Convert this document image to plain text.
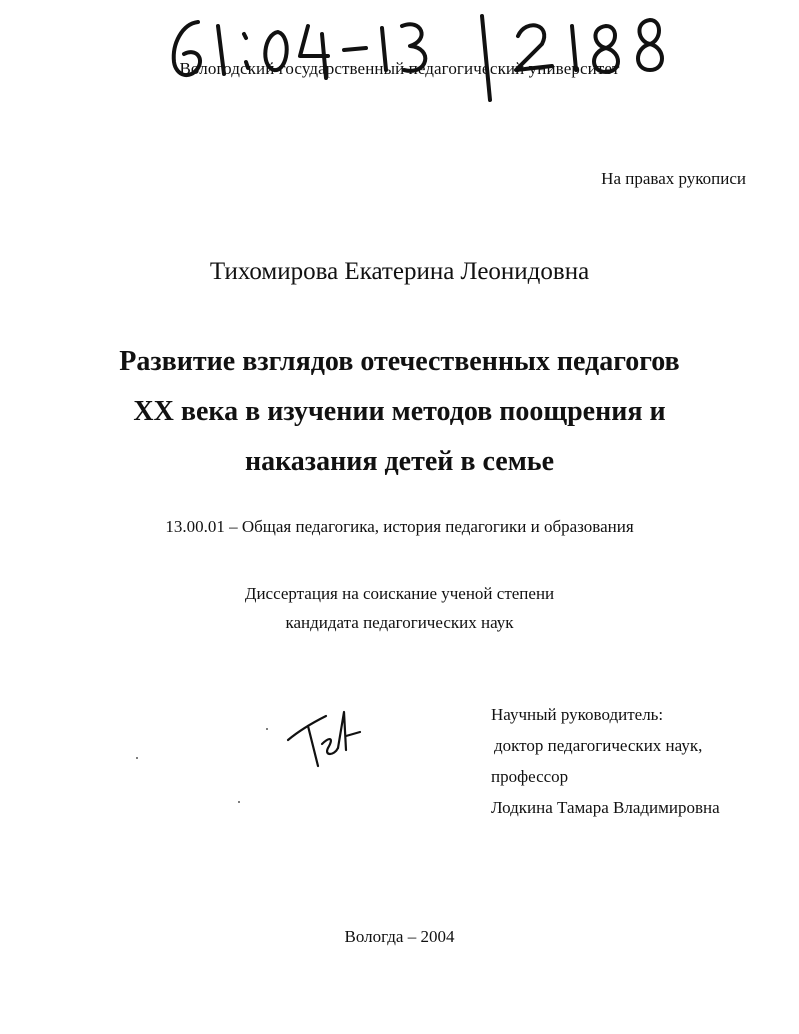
Вологодский государственный педагогический университет
На правах рукописи
Тихомирова Екатерина Леонидовна
Развитие взглядов отечественных педагогов
XX века в изучении методов поощрения и
наказания детей в семье
13.00.01 – Общая педагогика, история педагогики и образования
Диссертация на соискание ученой степени
кандидата педагогических наук
Научный руководитель:
доктор педагогических наук,
профессор
Лодкина Тамара Владимировна
Вологда – 2004
